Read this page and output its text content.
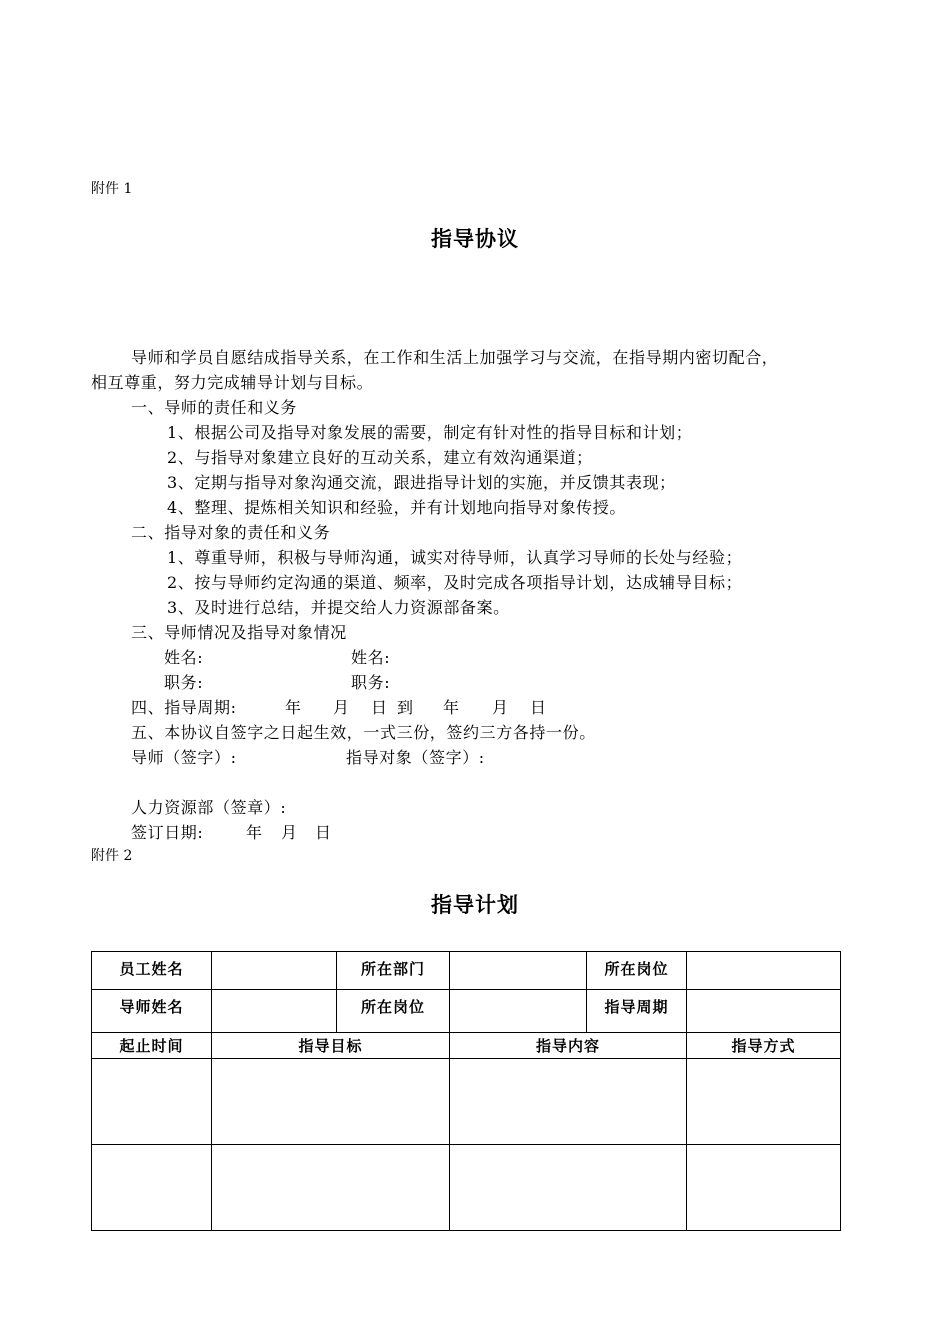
附件 1
指导协议
导师和学员自愿结成指导关系，在工作和生活上加强学习与交流，在指导期内密切配合，
相互尊重，努力完成辅导计划与目标。
一、导师的责任和义务
1、根据公司及指导对象发展的需要，制定有针对性的指导目标和计划；
2、与指导对象建立良好的互动关系，建立有效沟通渠道；
3、定期与指导对象沟通交流，跟进指导计划的实施，并反馈其表现；
4、整理、提炼相关知识和经验，并有计划地向指导对象传授。
二、指导对象的责任和义务
1、尊重导师，积极与导师沟通，诚实对待导师，认真学习导师的长处与经验；
2、按与导师约定沟通的渠道、频率，及时完成各项指导计划，达成辅导目标；
3、及时进行总结，并提交给人力资源部备案。
三、导师情况及指导对象情况
姓名:	姓名:
职务:	职务:
四、指导周期:	年 月 日 到 年 月 日
五、本协议自签字之日起生效，一式三份，签约三方各持一份。
导师（签字）:	指导对象（签字）:
人力资源部（签章）:
签订日期:	年 月 日
附件 2
指导计划
员工姓名		所在部门		所在岗位	
导师姓名		所在岗位		指导周期	
起止时间	指导目标		指导内容		指导方式
